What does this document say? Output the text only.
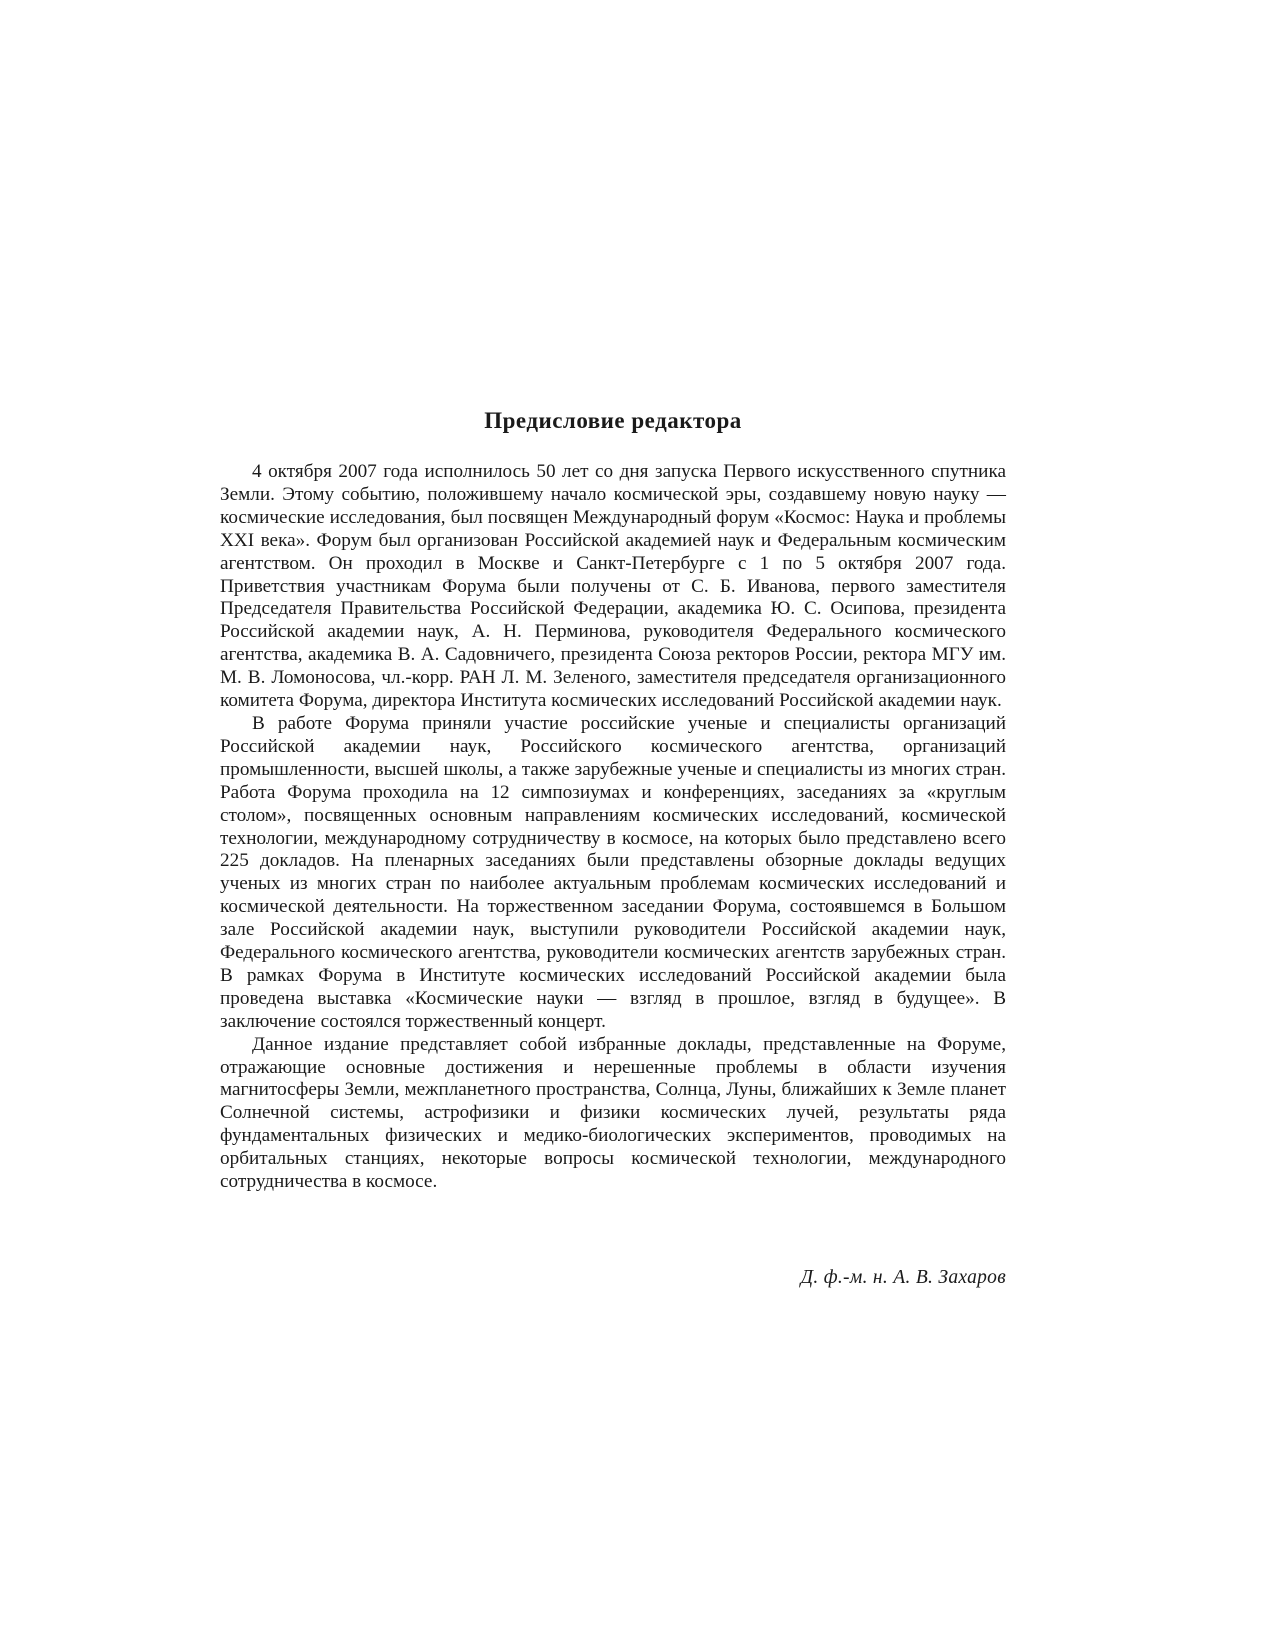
Предисловие редактора

4 октября 2007 года исполнилось 50 лет со дня запуска Первого искусственного спутника Земли. Этому событию, положившему начало космической эры, создавшему новую науку — космические исследования, был посвящен Международный форум «Космос: Наука и проблемы XXI века». Форум был организован Российской академией наук и Федеральным космическим агентством. Он проходил в Москве и Санкт-Петербурге с 1 по 5 октября 2007 года. Приветствия участникам Форума были получены от С. Б. Иванова, первого заместителя Председателя Правительства Российской Федерации, академика Ю. С. Осипова, президента Российской академии наук, А. Н. Перминова, руководителя Федерального космического агентства, академика В. А. Садовничего, президента Союза ректоров России, ректора МГУ им. М. В. Ломоносова, чл.-корр. РАН Л. М. Зеленого, заместителя председателя организационного комитета Форума, директора Института космических исследований Российской академии наук.

В работе Форума приняли участие российские ученые и специалисты организаций Российской академии наук, Российского космического агентства, организаций промышленности, высшей школы, а также зарубежные ученые и специалисты из многих стран. Работа Форума проходила на 12 симпозиумах и конференциях, заседаниях за «круглым столом», посвященных основным направлениям космических исследований, космической технологии, международному сотрудничеству в космосе, на которых было представлено всего 225 докладов. На пленарных заседаниях были представлены обзорные доклады ведущих ученых из многих стран по наиболее актуальным проблемам космических исследований и космической деятельности. На торжественном заседании Форума, состоявшемся в Большом зале Российской академии наук, выступили руководители Российской академии наук, Федерального космического агентства, руководители космических агентств зарубежных стран. В рамках Форума в Институте космических исследований Российской академии была проведена выставка «Космические науки — взгляд в прошлое, взгляд в будущее». В заключение состоялся торжественный концерт.

Данное издание представляет собой избранные доклады, представленные на Форуме, отражающие основные достижения и нерешенные проблемы в области изучения магнитосферы Земли, межпланетного пространства, Солнца, Луны, ближайших к Земле планет Солнечной системы, астрофизики и физики космических лучей, результаты ряда фундаментальных физических и медико-биологических экспериментов, проводимых на орбитальных станциях, некоторые вопросы космической технологии, международного сотрудничества в космосе.

Д. ф.-м. н. А. В. Захаров
